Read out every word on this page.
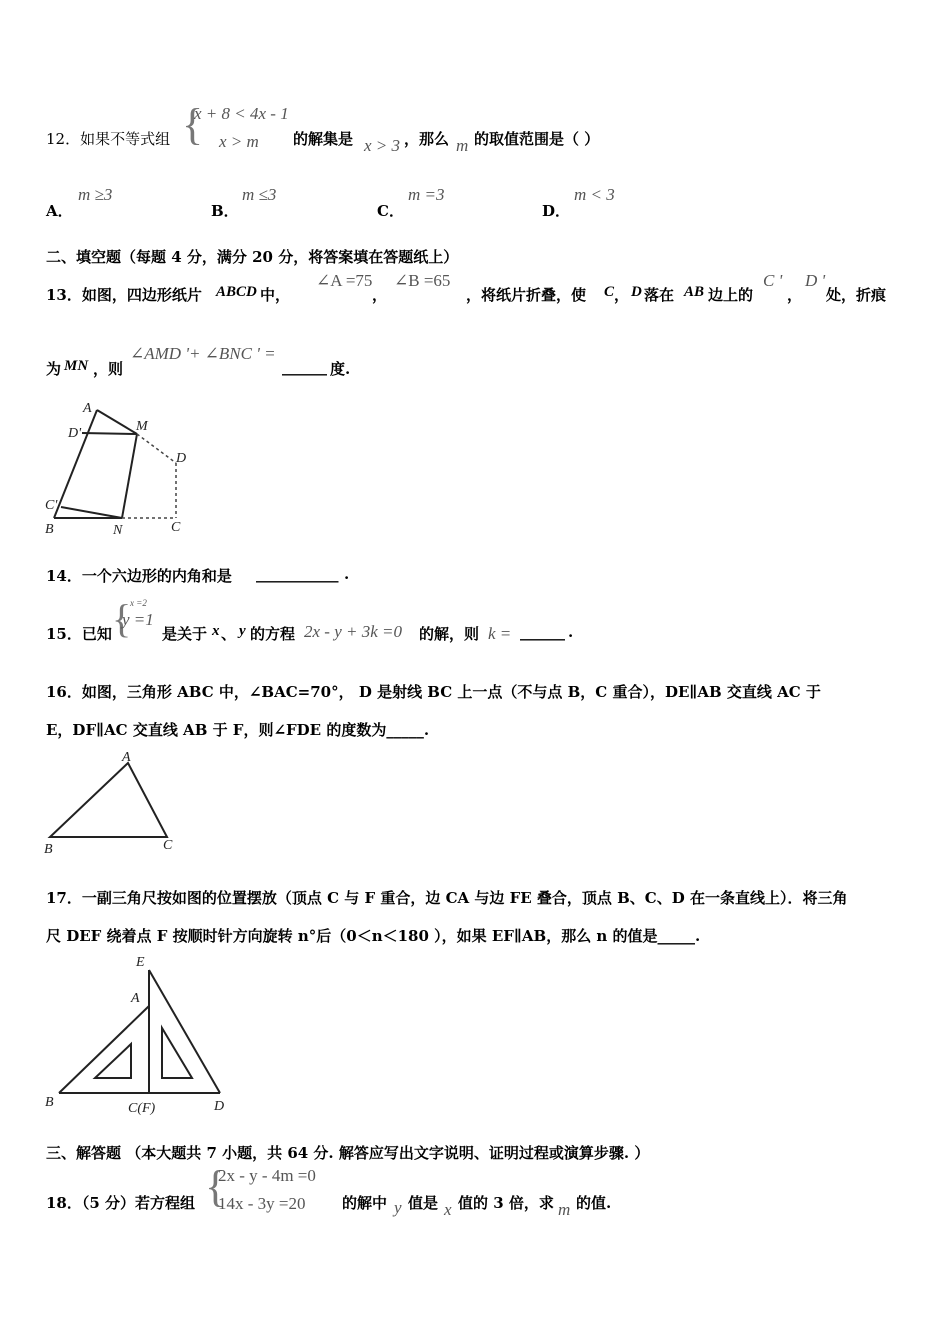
12．如果不等式组 {
x + 8 < 4x - 1
x > m 的解集是 x > 3 ，那么 m 的取值范围是（ ）
A．
m ≥3
B．
m ≤3
C．
m =3
D．
m < 3
二、填空题（每题 4 分，满分 20 分，将答案填在答题纸上）
13．如图，四边形纸片 ABCD 中，
∠A =75
，
∠B =65
，将纸片折叠，使 C ， D 落在 AB 边上的
C '
，
D '
处，折痕
为 MN ，则
∠AMD '+ ∠BNC ' =
______ 度.
A
D'	M
D
C'
B	N	C
14．一个六边形的内角和是 ___________ .
15．已知 {
x =2
y =1
是关于 x 、 y 的方程 2x - y + 3k =0 的解，则 k = ______ .
16．如图，三角形 ABC 中，∠BAC=70°， D 是射线 BC 上一点（不与点 B，C 重合），DE∥AB 交直线 AC 于
E，DF∥AC 交直线 AB 于 F，则∠FDE 的度数为_____.
A
B	C
17．一副三角尺按如图的位置摆放（顶点 C 与 F 重合，边 CA 与边 FE 叠合，顶点 B、C、D 在一条直线上）．将三角
尺 DEF 绕着点 F 按顺时针方向旋转 n°后（0＜n＜180 ），如果 EF∥AB，那么 n 的值是_____.
E
A
B	C(F)	D
三、解答题 （本大题共 7 小题，共 64 分. 解答应写出文字说明、证明过程或演算步骤. ）
18．（5 分）若方程组 {
2x - y - 4m =0
14x - 3y =20 的解中 y 值是 x 值的 3 倍，求 m 的值.
